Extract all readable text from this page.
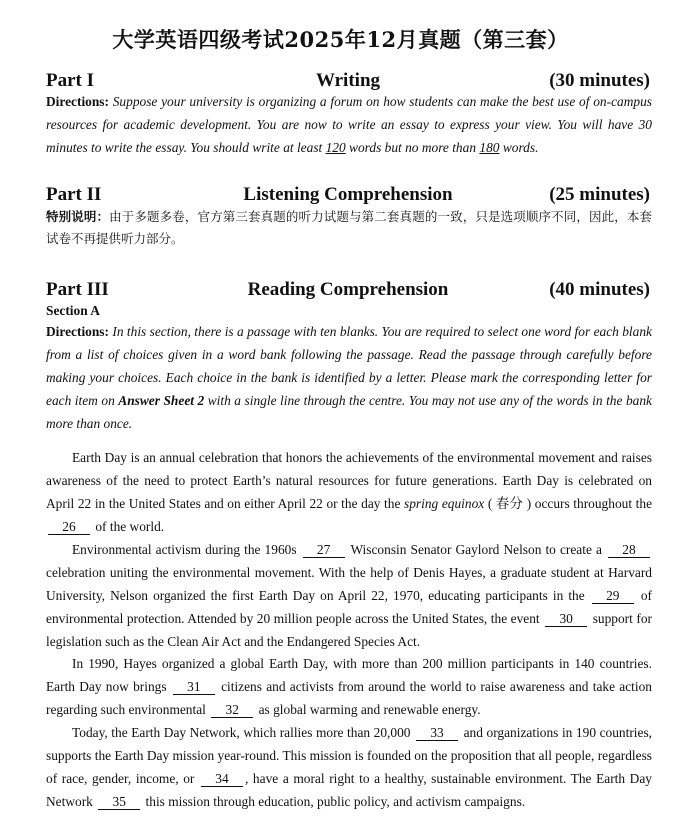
大学英语四级考试2025年12月真题（第三套）
Part I	Writing	(30 minutes)
Directions: Suppose your university is organizing a forum on how students can make the best use of on-campus resources for academic development. You are now to write an essay to express your view. You will have 30 minutes to write the essay. You should write at least 120 words but no more than 180 words.
Part II	Listening Comprehension	(25 minutes)
特别说明：由于多题多卷，官方第三套真题的听力试题与第二套真题的一致，只是选项顺序不同，因此，本套试卷不再提供听力部分。
Part III	Reading Comprehension	(40 minutes)
Section A
Directions: In this section, there is a passage with ten blanks. You are required to select one word for each blank from a list of choices given in a word bank following the passage. Read the passage through carefully before making your choices. Each choice in the bank is identified by a letter. Please mark the corresponding letter for each item on Answer Sheet 2 with a single line through the centre. You may not use any of the words in the bank more than once.
Earth Day is an annual celebration that honors the achievements of the environmental movement and raises awareness of the need to protect Earth’s natural resources for future generations. Earth Day is celebrated on April 22 in the United States and on either April 22 or the day the spring equinox ( 春分 ) occurs throughout the 26 of the world.
Environmental activism during the 1960s 27 Wisconsin Senator Gaylord Nelson to create a 28 celebration uniting the environmental movement. With the help of Denis Hayes, a graduate student at Harvard University, Nelson organized the first Earth Day on April 22, 1970, educating participants in the 29 of environmental protection. Attended by 20 million people across the United States, the event 30 support for legislation such as the Clean Air Act and the Endangered Species Act.
In 1990, Hayes organized a global Earth Day, with more than 200 million participants in 140 countries. Earth Day now brings 31 citizens and activists from around the world to raise awareness and take action regarding such environmental 32 as global warming and renewable energy.
Today, the Earth Day Network, which rallies more than 20,000 33 and organizations in 190 countries, supports the Earth Day mission year-round. This mission is founded on the proposition that all people, regardless of race, gender, income, or 34 , have a moral right to a healthy, sustainable environment. The Earth Day Network 35 this mission through education, public policy, and activism campaigns.
